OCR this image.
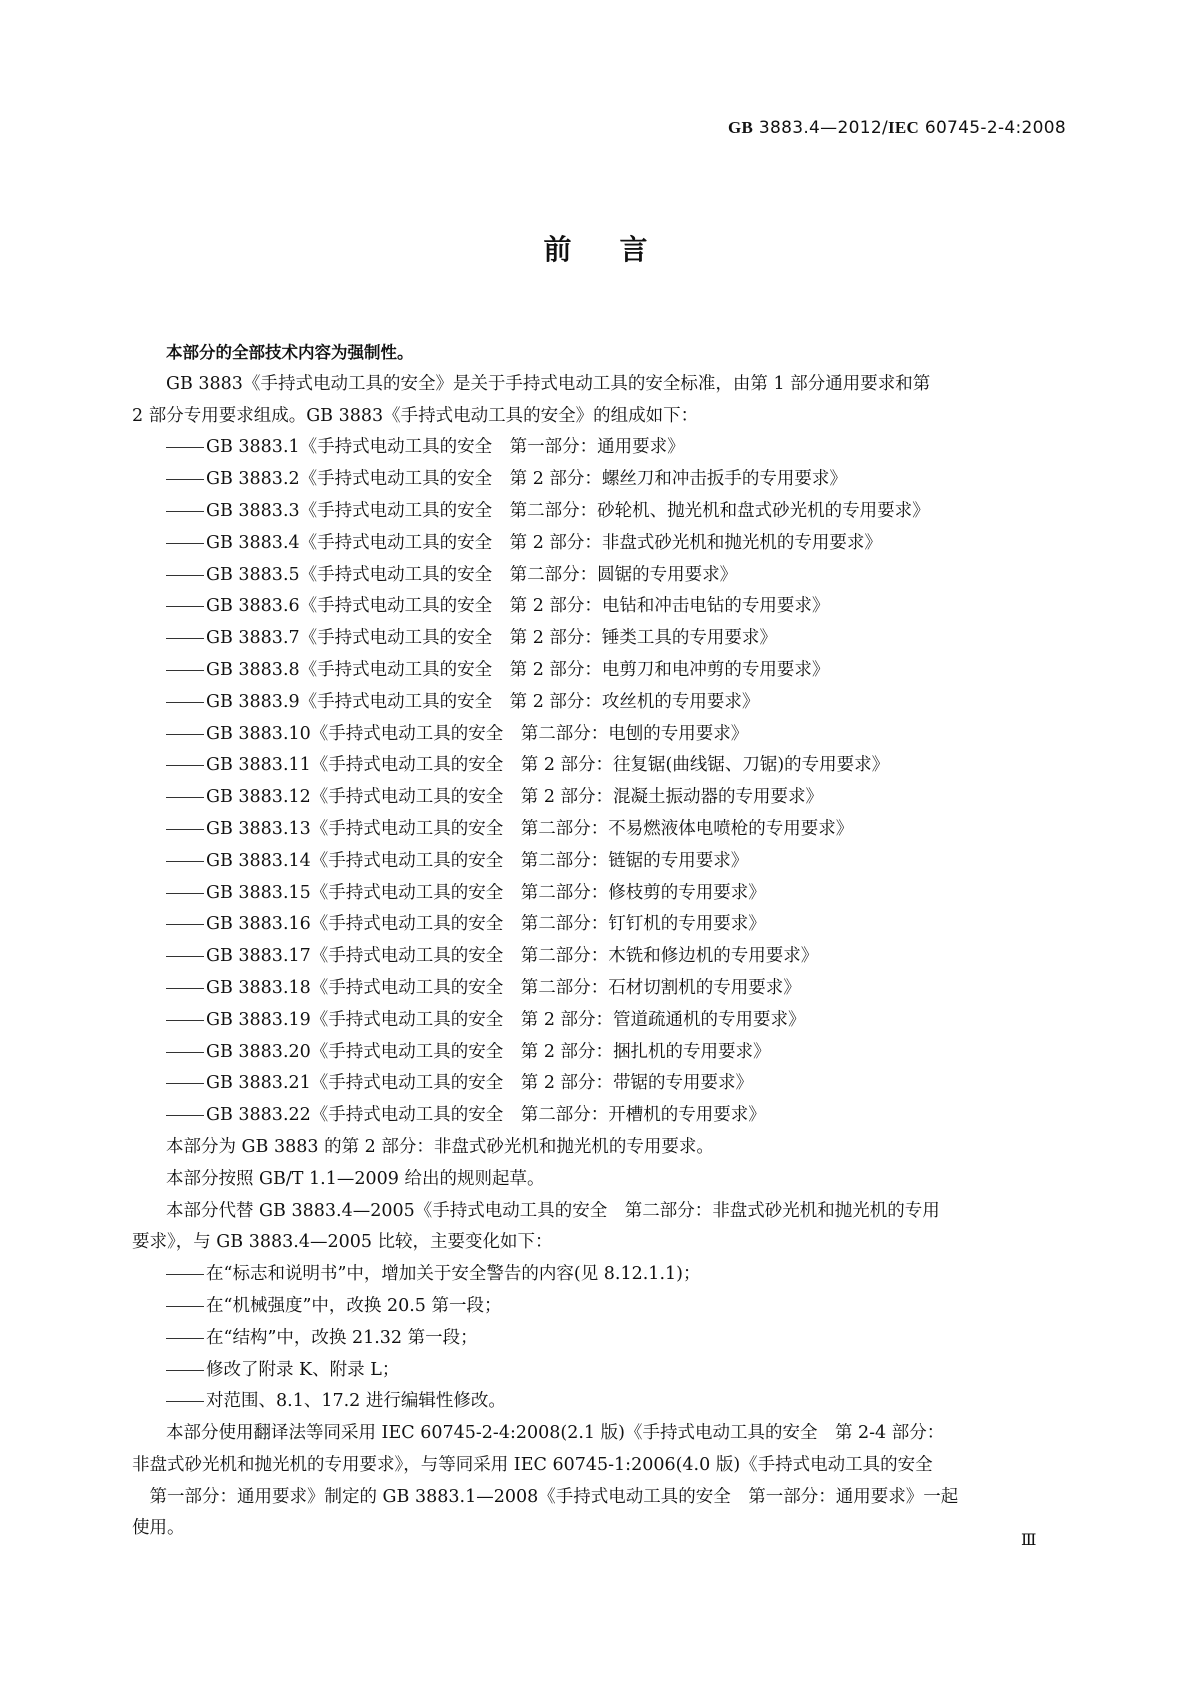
GB 3883.4—2012/IEC 60745-2-4:2008
前言
本部分的全部技术内容为强制性。
GB 3883《手持式电动工具的安全》是关于手持式电动工具的安全标准，由第 1 部分通用要求和第
2 部分专用要求组成。GB 3883《手持式电动工具的安全》的组成如下：
GB 3883.1《手持式电动工具的安全　第一部分：通用要求》
GB 3883.2《手持式电动工具的安全　第 2 部分：螺丝刀和冲击扳手的专用要求》
GB 3883.3《手持式电动工具的安全　第二部分：砂轮机、抛光机和盘式砂光机的专用要求》
GB 3883.4《手持式电动工具的安全　第 2 部分：非盘式砂光机和抛光机的专用要求》
GB 3883.5《手持式电动工具的安全　第二部分：圆锯的专用要求》
GB 3883.6《手持式电动工具的安全　第 2 部分：电钻和冲击电钻的专用要求》
GB 3883.7《手持式电动工具的安全　第 2 部分：锤类工具的专用要求》
GB 3883.8《手持式电动工具的安全　第 2 部分：电剪刀和电冲剪的专用要求》
GB 3883.9《手持式电动工具的安全　第 2 部分：攻丝机的专用要求》
GB 3883.10《手持式电动工具的安全　第二部分：电刨的专用要求》
GB 3883.11《手持式电动工具的安全　第 2 部分：往复锯(曲线锯、刀锯)的专用要求》
GB 3883.12《手持式电动工具的安全　第 2 部分：混凝土振动器的专用要求》
GB 3883.13《手持式电动工具的安全　第二部分：不易燃液体电喷枪的专用要求》
GB 3883.14《手持式电动工具的安全　第二部分：链锯的专用要求》
GB 3883.15《手持式电动工具的安全　第二部分：修枝剪的专用要求》
GB 3883.16《手持式电动工具的安全　第二部分：钉钉机的专用要求》
GB 3883.17《手持式电动工具的安全　第二部分：木铣和修边机的专用要求》
GB 3883.18《手持式电动工具的安全　第二部分：石材切割机的专用要求》
GB 3883.19《手持式电动工具的安全　第 2 部分：管道疏通机的专用要求》
GB 3883.20《手持式电动工具的安全　第 2 部分：捆扎机的专用要求》
GB 3883.21《手持式电动工具的安全　第 2 部分：带锯的专用要求》
GB 3883.22《手持式电动工具的安全　第二部分：开槽机的专用要求》
本部分为 GB 3883 的第 2 部分：非盘式砂光机和抛光机的专用要求。
本部分按照 GB/T 1.1—2009 给出的规则起草。
本部分代替 GB 3883.4—2005《手持式电动工具的安全　第二部分：非盘式砂光机和抛光机的专用
要求》，与 GB 3883.4—2005 比较，主要变化如下：
在“标志和说明书”中，增加关于安全警告的内容(见 8.12.1.1)；
在“机械强度”中，改换 20.5 第一段；
在“结构”中，改换 21.32 第一段；
修改了附录 K、附录 L；
对范围、8.1、17.2 进行编辑性修改。
本部分使用翻译法等同采用 IEC 60745-2-4:2008(2.1 版)《手持式电动工具的安全　第 2-4 部分：
非盘式砂光机和抛光机的专用要求》，与等同采用 IEC 60745-1:2006(4.0 版)《手持式电动工具的安全
　第一部分：通用要求》制定的 GB 3883.1—2008《手持式电动工具的安全　第一部分：通用要求》一起
使用。
Ⅲ
